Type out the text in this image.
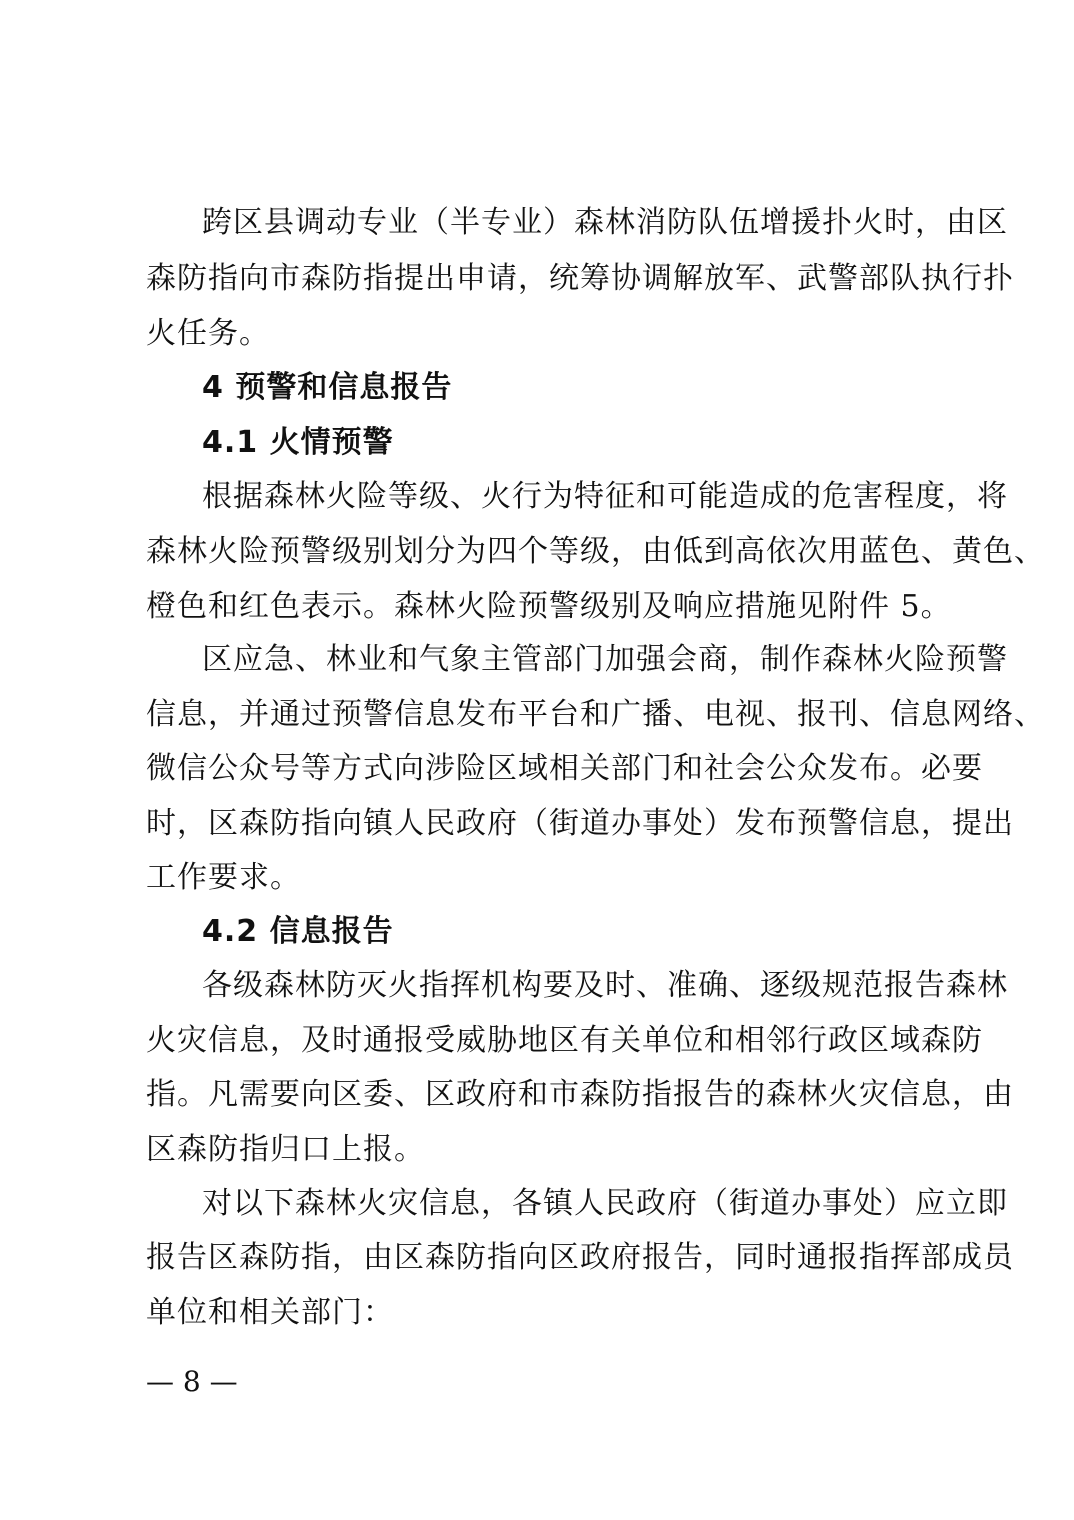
跨区县调动专业（半专业）森林消防队伍增援扑火时，由区
森防指向市森防指提出申请，统筹协调解放军、武警部队执行扑
火任务。
4 预警和信息报告
4.1 火情预警
根据森林火险等级、火行为特征和可能造成的危害程度，将
森林火险预警级别划分为四个等级，由低到高依次用蓝色、黄色、
橙色和红色表示。森林火险预警级别及响应措施见附件 5。
区应急、林业和气象主管部门加强会商，制作森林火险预警
信息，并通过预警信息发布平台和广播、电视、报刊、信息网络、
微信公众号等方式向涉险区域相关部门和社会公众发布。必要
时，区森防指向镇人民政府（街道办事处）发布预警信息，提出
工作要求。
4.2 信息报告
各级森林防灭火指挥机构要及时、准确、逐级规范报告森林
火灾信息，及时通报受威胁地区有关单位和相邻行政区域森防
指。凡需要向区委、区政府和市森防指报告的森林火灾信息，由
区森防指归口上报。
对以下森林火灾信息，各镇人民政府（街道办事处）应立即
报告区森防指，由区森防指向区政府报告，同时通报指挥部成员
单位和相关部门：
— 8 —
